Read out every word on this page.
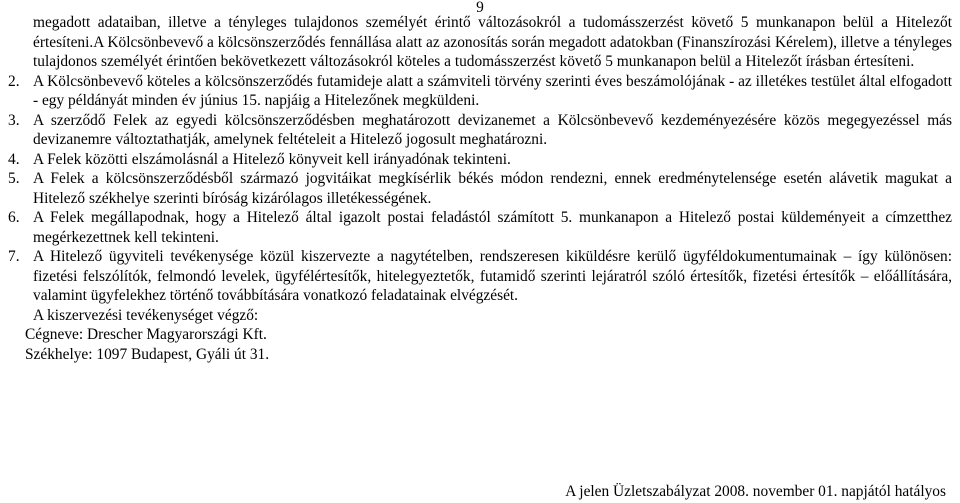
9

megadott adataiban, illetve a tényleges tulajdonos személyét érintő változásokról a tudomásszerzést követő 5 munkanapon belül a Hitelezőt értesíteni.A Kölcsönbevevő a kölcsönszerződés fennállása alatt az azonosítás során megadott adatokban (Finanszírozási Kérelem), illetve a tényleges tulajdonos személyét érintően bekövetkezett változásokról köteles a tudomásszerzést követő 5 munkanapon belül a Hitelezőt írásban értesíteni.

2. A Kölcsönbevevő köteles a kölcsönszerződés futamideje alatt a számviteli törvény szerinti éves beszámolójának - az illetékes testület által elfogadott - egy példányát minden év június 15. napjáig a Hitelezőnek megküldeni.
3. A szerződő Felek az egyedi kölcsönszerződésben meghatározott devizanemet a Kölcsönbevevő kezdeményezésére közös megegyezéssel más devizanemre változtathatják, amelynek feltételeit a Hitelező jogosult meghatározni.
4. A Felek közötti elszámolásnál a Hitelező könyveit kell irányadónak tekinteni.
5. A Felek a kölcsönszerződésből származó jogvitáikat megkísérlik békés módon rendezni, ennek eredménytelensége esetén alávetik magukat a Hitelező székhelye szerinti bíróság kizárólagos illetékességének.
6. A Felek megállapodnak, hogy a Hitelező által igazolt postai feladástól számított 5. munkanapon a Hitelező postai küldeményeit a címzetthez megérkezettnek kell tekinteni.
7. A Hitelező ügyviteli tevékenysége közül kiszervezte a nagytételben, rendszeresen kiküldésre kerülő ügyféldokumentumainak – így különösen: fizetési felszólítók, felmondó levelek, ügyfélértesítők, hitelegyeztetők, futamidő szerinti lejáratról szóló értesítők, fizetési értesítők – előállítására, valamint ügyfelekhez történő továbbítására vonatkozó feladatainak elvégzését.

A kiszervezési tevékenységet végző:

Cégneve: Drescher Magyarországi Kft.

Székhelye: 1097 Budapest, Gyáli út 31.

A jelen Üzletszabályzat 2008. november 01. napjától hatályos
